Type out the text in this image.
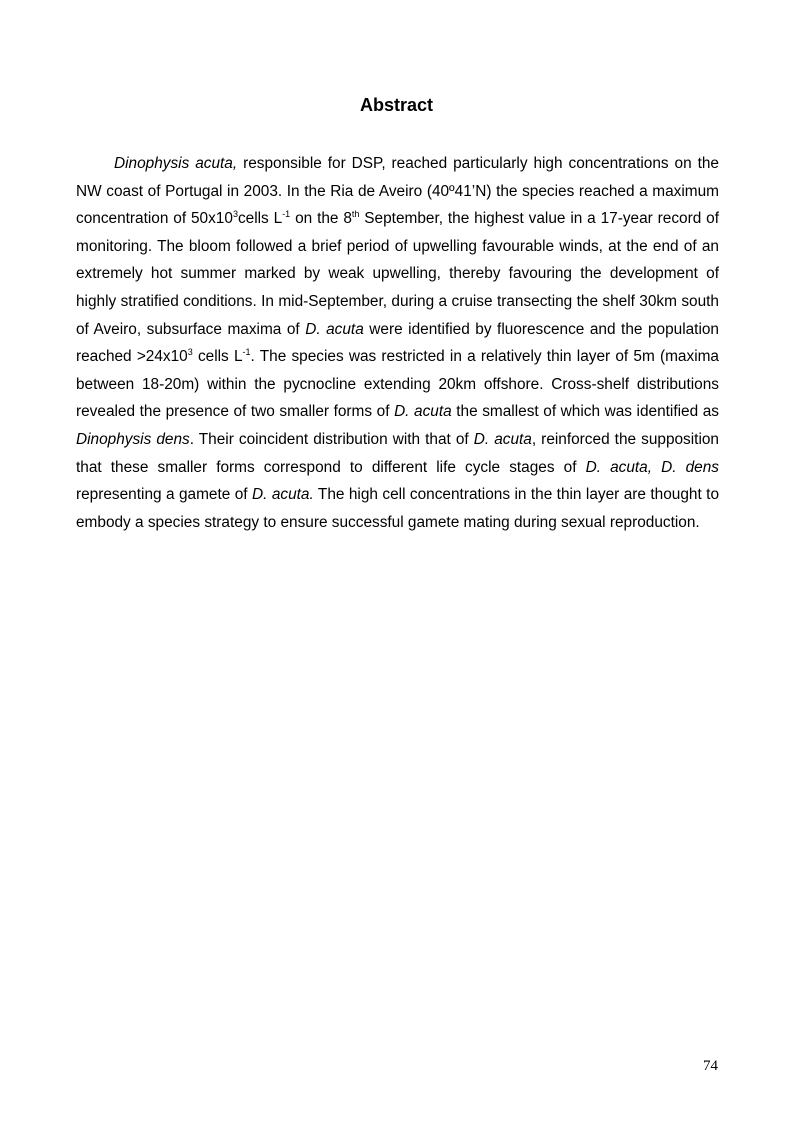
Abstract

Dinophysis acuta, responsible for DSP, reached particularly high concentrations on the NW coast of Portugal in 2003. In the Ria de Aveiro (40º41’N) the species reached a maximum concentration of $50x10^3cells$ $L^{-1}$ on the 8th September, the highest value in a 17-year record of monitoring. The bloom followed a brief period of upwelling favourable winds, at the end of an extremely hot summer marked by weak upwelling, thereby favouring the development of highly stratified conditions. In mid-September, during a cruise transecting the shelf 30km south of Aveiro, subsurface maxima of D. acuta were identified by fluorescence and the population reached $>24x10^3$ cells $L^{-1}$. The species was restricted in a relatively thin layer of 5m (maxima between 18-20m) within the pycnocline extending 20km offshore. Cross-shelf distributions revealed the presence of two smaller forms of D. acuta the smallest of which was identified as Dinophysis dens. Their coincident distribution with that of D. acuta, reinforced the supposition that these smaller forms correspond to different life cycle stages of D. acuta, D. dens representing a gamete of D. acuta. The high cell concentrations in the thin layer are thought to embody a species strategy to ensure successful gamete mating during sexual reproduction.

74
